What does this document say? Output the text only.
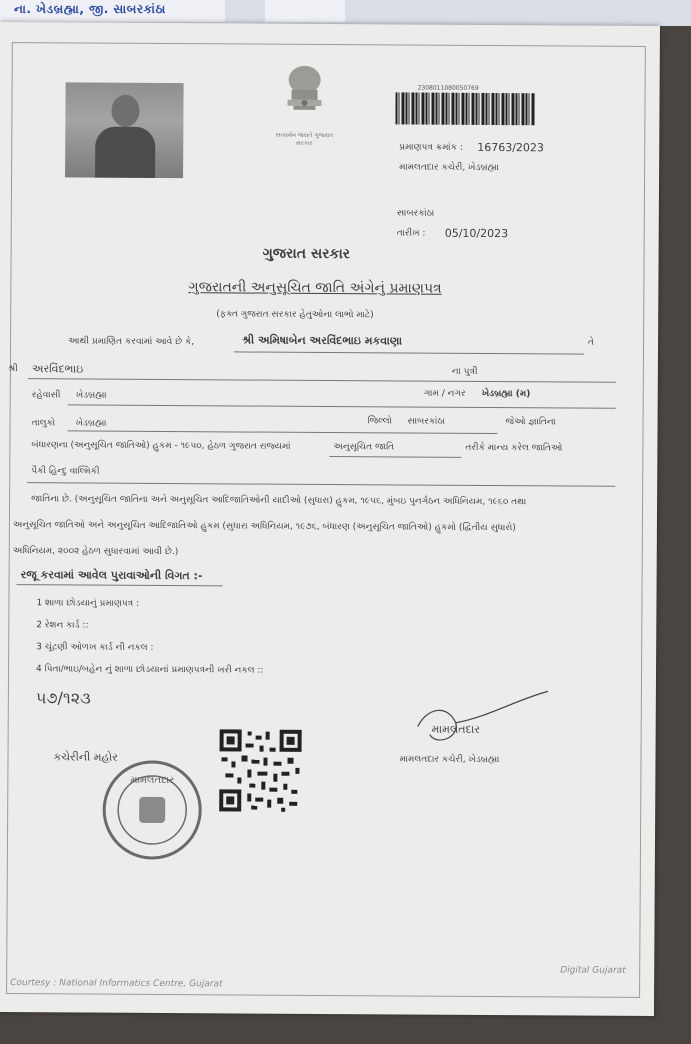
ના. ખેડબ્રહ્મા, જી. સાબરકાંઠા
સત્યમેવ જયતે ગુજરાત સરકાર
2308011080050769
પ્રમાણપત્ર ક્રમાંક : 16763/2023
મામલતદાર કચેરી, ખેડબ્રહ્મા
સાબરકાંઠા
તારીખ : 05/10/2023
ગુજરાત સરકાર
ગુજરાતની અનુસૂચિત જાતિ અંગેનું પ્રમાણપત્ર
(ફક્ત ગુજરાત સરકાર હેતુઓના લાભો માટે)
આથી પ્રમાણિત કરવામાં આવે છે કે,	શ્રી અમિષાબેન અરવિંદભાઇ મકવાણા	તે
શ્રી અરવિંદભાઇ	ના પુત્રી
રહેવાસી ખેડબ્રહ્મા	ગામ / નગર ખેડબ્રહ્મા (મ)
તાલુકો ખેડબ્રહ્મા	જિલ્લો સાબરકાંઠા	જેઓ જ્ઞાતિના
બંધારણના (અનુસૂચિત જાતિઓ) હુકમ - ૧૯૫૦, હેઠળ ગુજરાત રાજ્યમાં	અનુસૂચિત જાતિ	તરીકે માન્ય કરેલ જાતિઓ
પૈકી હિન્દુ વાલ્મિકી
જાતિના છે. (અનુસૂચિત જાતિના અને અનુસૂચિત આદિજાતિઓની યાદીઓ (સુધારા) હુકમ, ૧૯૫૬, મુંબઇ પુનર્ગઠન અધિનિયમ, ૧૯૬૦ તથા
અનુસૂચિત જાતિઓ અને અનુસૂચિત આદિજાતિઓ હુકમ (સુધારા અધિનિયમ, ૧૯૭૬, બંધારણ (અનુસૂચિત જાતિઓ) હુકમો (દ્વિતીય સુધારો)
અધિનિયમ, ૨૦૦૨ હેઠળ સુધારવામાં આવી છે.)
રજૂ કરવામાં આવેલ પુરાવાઓની વિગત :-
1 શાળા છોડયાનું પ્રમાણપત્ર :
2 રેશન કાર્ડ ::
3 ચૂંટણી ઓળખ કાર્ડ ની નકલ :
4 પિતા/ભાઇ/બહેન નું શાળા છોડયાનાં પ્રમાણપત્રની ખરી નકલ ::
૫૭/૧૨૩
કચેરીની મહોર
મામલતદાર
મામલતદાર
મામલતદાર કચેરી, ખેડબ્રહ્મા
Courtesy : National Informatics Centre, Gujarat
Digital Gujarat
